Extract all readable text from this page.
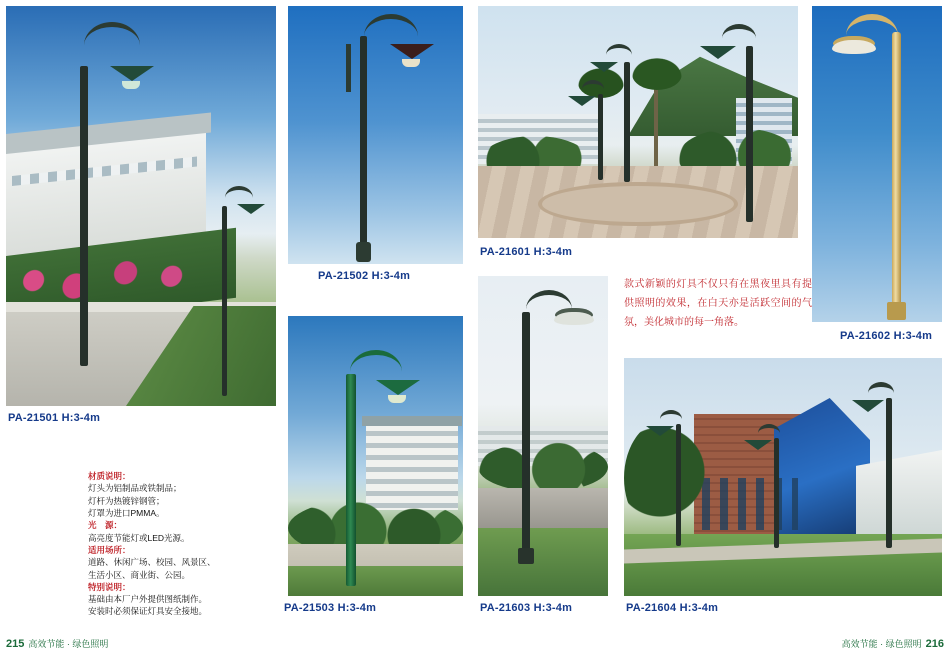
PA-21501 H:3-4m
PA-21502 H:3-4m
PA-21601 H:3-4m
PA-21602 H:3-4m
款式新颖的灯具不仅只有在黑夜里具有提供照明的效果，在白天亦是活跃空间的气氛，美化城市的每一角落。
PA-21503 H:3-4m	PA-21603 H:3-4m	PA-21604 H:3-4m
材质说明：
灯头为铝制品或铁制品；
灯杆为热镀锌钢管；
灯罩为进口PMMA。
光　源：
高亮度节能灯或LED光源。
适用场所：
道路、休闲广场、校园、风景区、
生活小区、商业街、公园。
特别说明：
基础由本厂户外提供图纸制作。
安装时必须保证灯具安全接地。
215 高效节能 · 绿色照明	高效节能 · 绿色照明 216
